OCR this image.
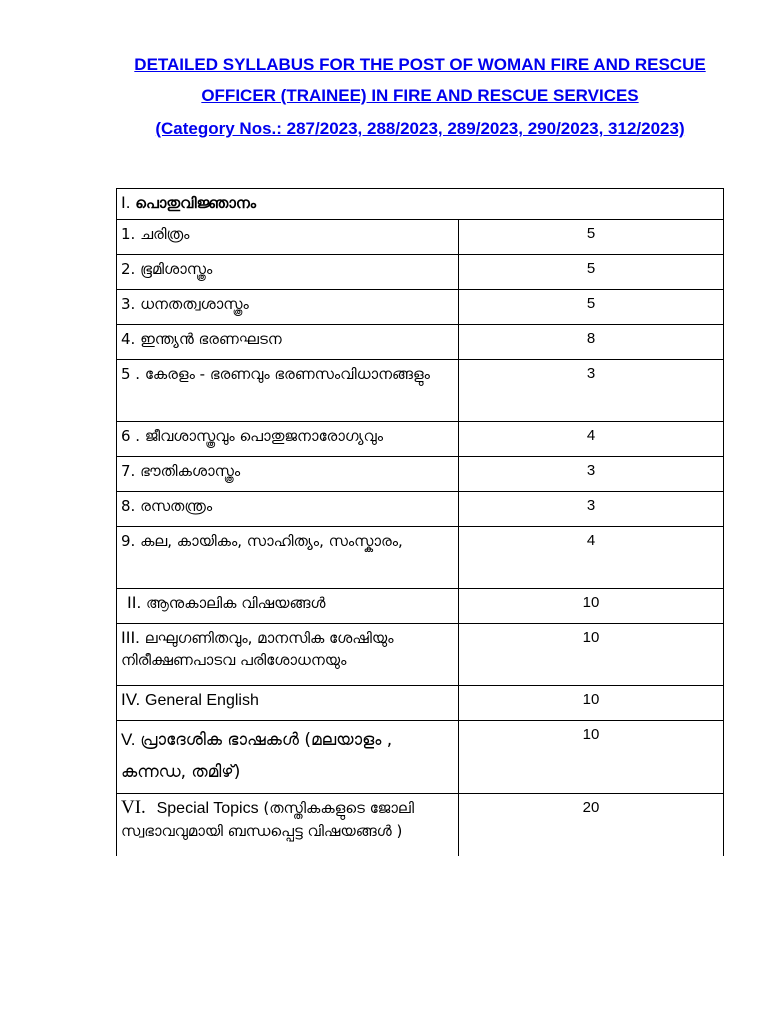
DETAILED SYLLABUS FOR THE POST OF WOMAN FIRE AND RESCUE
OFFICER (TRAINEE) IN FIRE AND RESCUE SERVICES
(Category Nos.: 287/2023, 288/2023, 289/2023, 290/2023, 312/2023)
I. പൊതുവിജ്ഞാനം	
1. ചരിത്രം	5
2. ഭൂമിശാസ്ത്രം	5
3. ധനതത്വശാസ്ത്രം	5
4. ഇന്ത്യൻ ഭരണഘടന	8
5 . കേരളം - ഭരണവും ഭരണസംവിധാനങ്ങളും	3
6 . ജീവശാസ്ത്രവും പൊതുജനാരോഗ്യവും	4
7. ഭൗതികശാസ്ത്രം	3
8. രസതന്ത്രം	3
9. കല, കായികം, സാഹിത്യം, സംസ്കാരം,	4
II. ആനുകാലിക വിഷയങ്ങൾ	10
III. ലഘുഗണിതവും, മാനസിക ശേഷിയും നിരീക്ഷണപാടവ പരിശോധനയും	10
IV. General English	10
V. പ്രാദേശിക ഭാഷകൾ (മലയാളം , കന്നഡ, തമിഴ്)	10
VI. Special Topics (തസ്തികകളുടെ ജോലി സ്വഭാവവുമായി ബന്ധപ്പെട്ട വിഷയങ്ങൾ )	20
